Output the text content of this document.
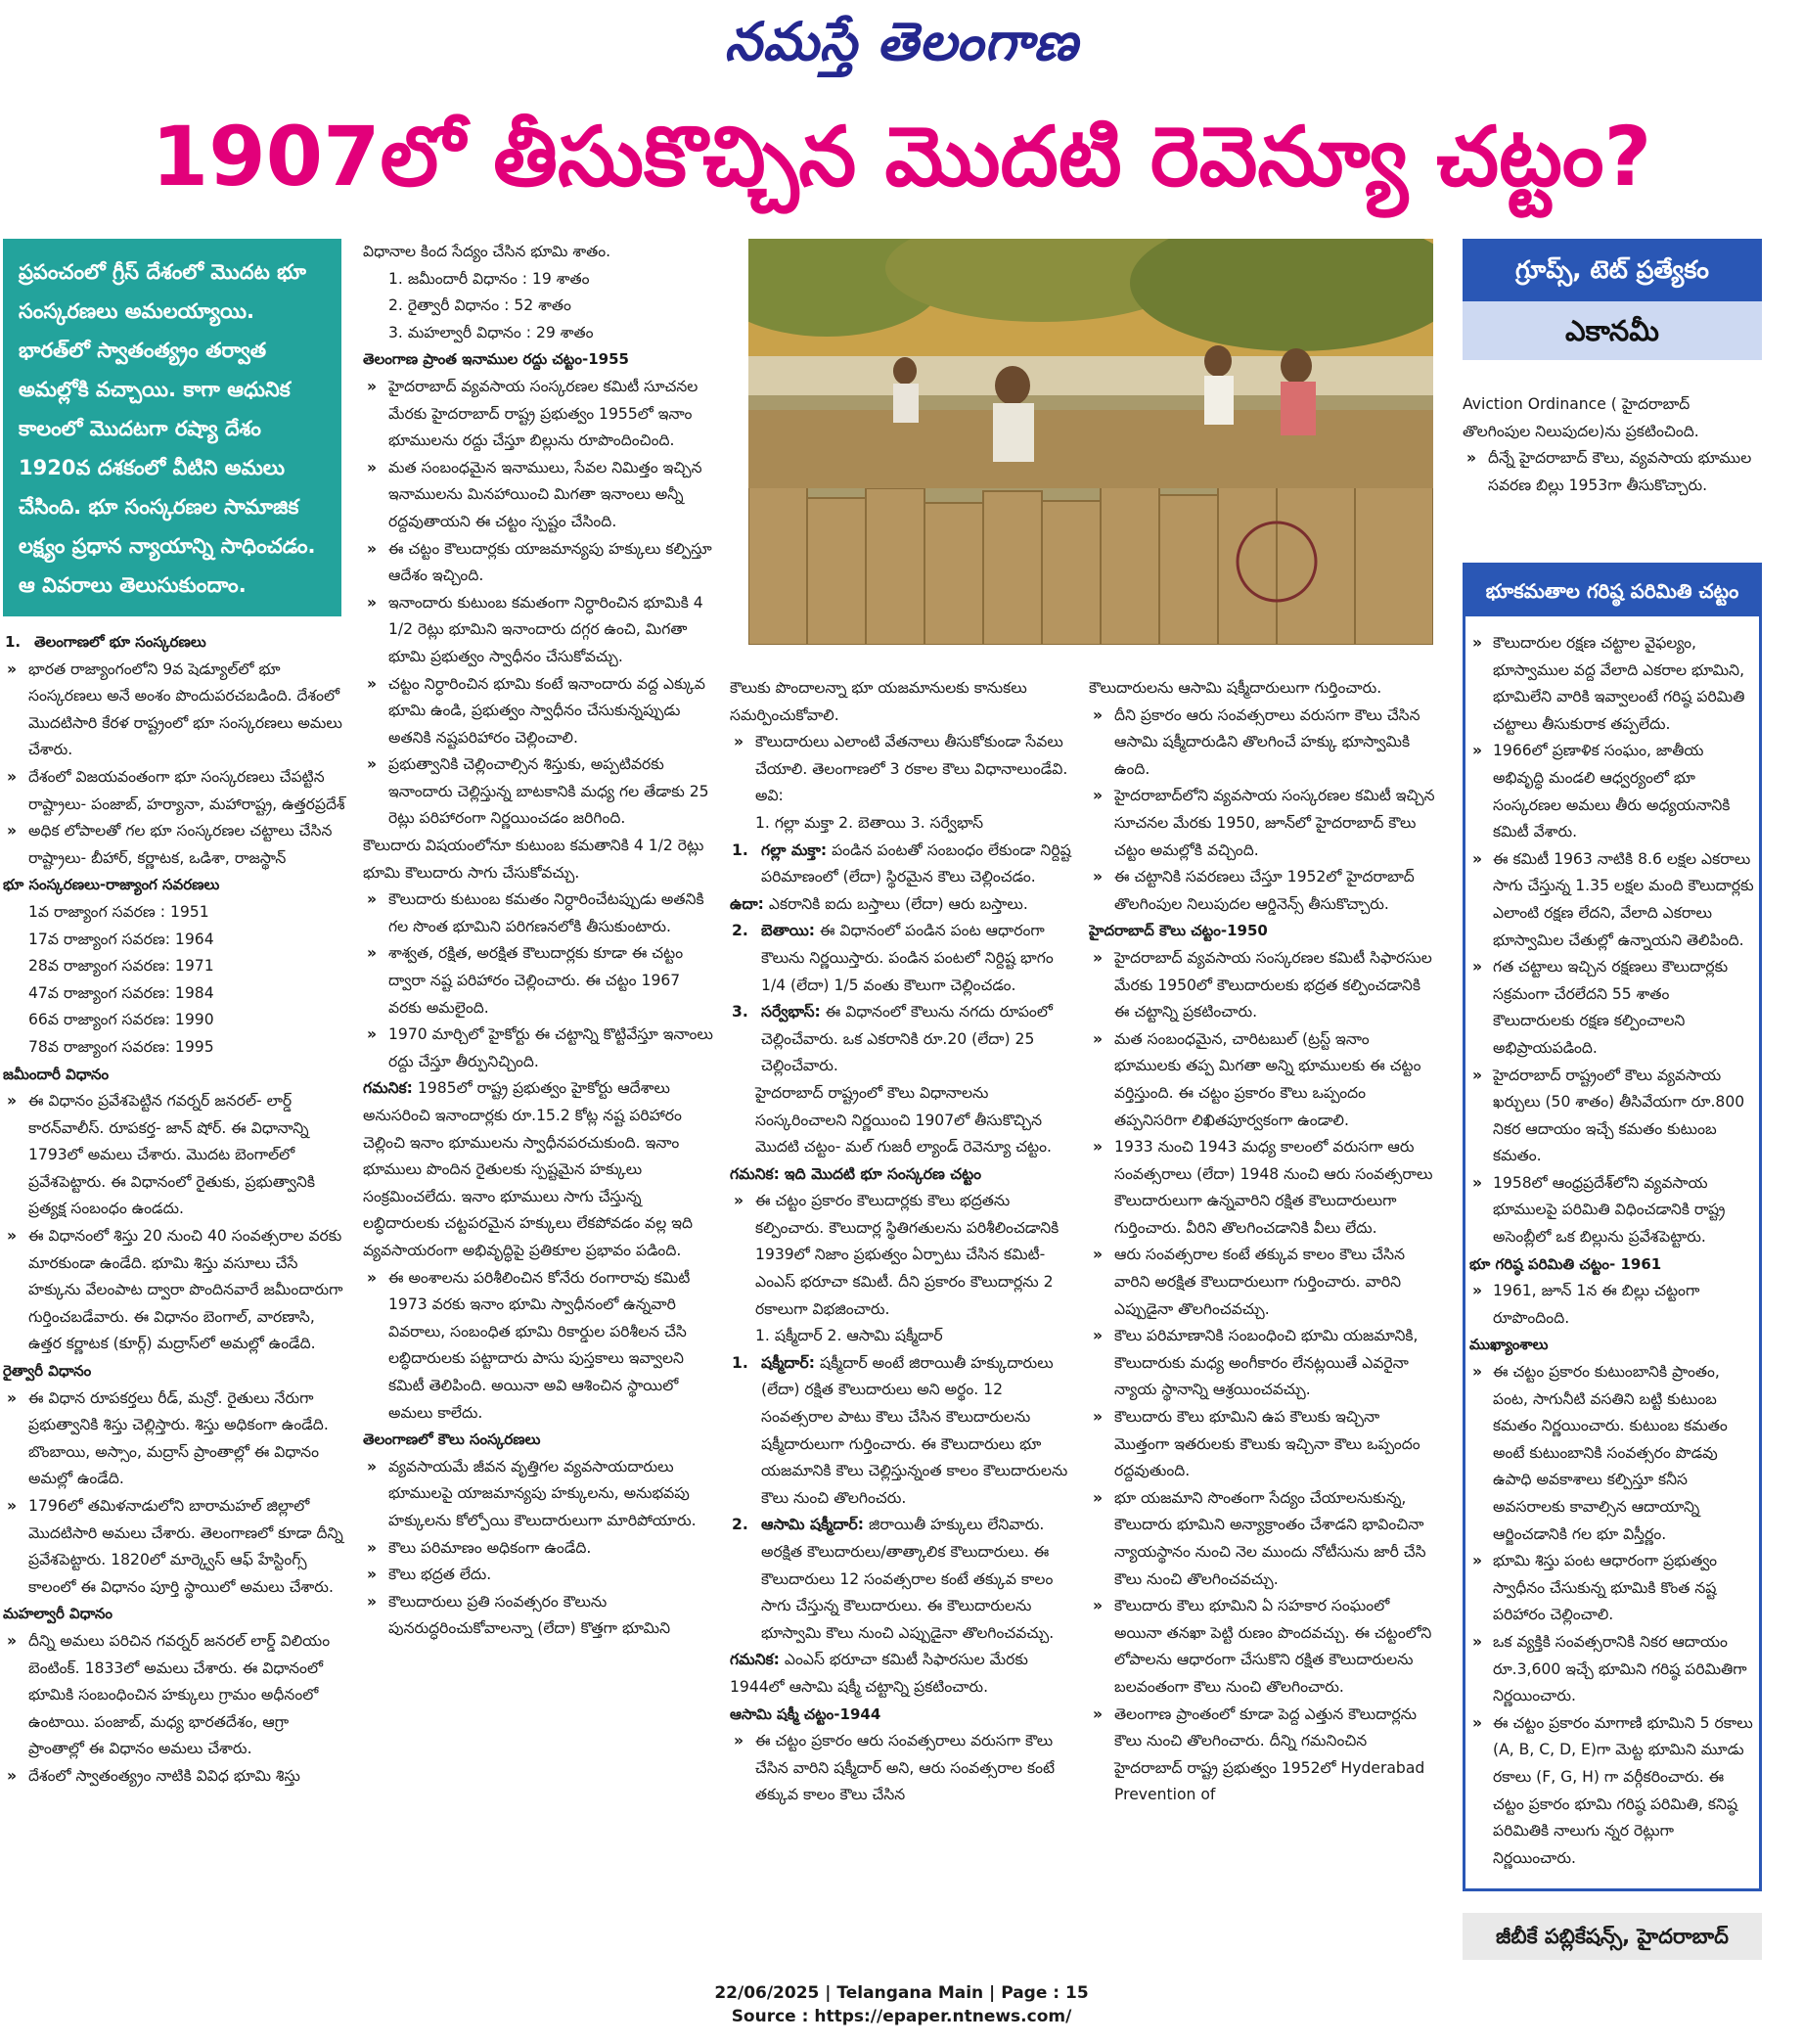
నమస్తే తెలంగాణ
1907లో తీసుకొచ్చిన మొదటి రెవెన్యూ చట్టం?
ప్రపంచంలో గ్రీస్ దేశంలో మొదట భూ సంస్కరణలు అమలయ్యాయి. భారత్‌లో స్వాతంత్య్రం తర్వాత అమల్లోకి వచ్చాయి. కాగా ఆధునిక కాలంలో మొదటగా రష్యా దేశం 1920వ దశకంలో వీటిని అమలు చేసింది. భూ సంస్కరణల సామాజిక లక్ష్యం ప్రధాన న్యాయాన్ని సాధించడం. ఆ వివరాలు తెలుసుకుందాం.

1. తెలంగాణలో భూ సంస్కరణలు

» భారత రాజ్యాంగంలోని 9వ షెడ్యూల్‌లో భూ సంస్కరణలు అనే అంశం పొందుపరచబడింది. దేశంలో మొదటిసారి కేరళ రాష్ట్రంలో భూ సంస్కరణలు అమలు చేశారు.

» దేశంలో విజయవంతంగా భూ సంస్కరణలు చేపట్టిన రాష్ట్రాలు- పంజాబ్, హర్యానా, మహారాష్ట్ర, ఉత్తరప్రదేశ్

» అధిక లోపాలతో గల భూ సంస్కరణల చట్టాలు చేసిన రాష్ట్రాలు- బీహార్, కర్ణాటక, ఒడిశా, రాజస్థాన్

భూ సంస్కరణలు-రాజ్యాంగ సవరణలు

1వ రాజ్యాంగ సవరణ : 1951

17వ రాజ్యాంగ సవరణ: 1964

28వ రాజ్యాంగ సవరణ: 1971

47వ రాజ్యాంగ సవరణ: 1984

66వ రాజ్యాంగ సవరణ: 1990

78వ రాజ్యాంగ సవరణ: 1995

జమీందారీ విధానం

» ఈ విధానం ప్రవేశపెట్టిన గవర్నర్ జనరల్- లార్డ్ కారన్‌వాలీస్. రూపకర్త- జాన్ షోర్. ఈ విధానాన్ని 1793లో అమలు చేశారు. మొదట బెంగాల్‌లో ప్రవేశపెట్టారు. ఈ విధానంలో రైతుకు, ప్రభుత్వానికి ప్రత్యక్ష సంబంధం ఉండదు.

» ఈ విధానంలో శిస్తు 20 నుంచి 40 సంవత్సరాల వరకు మారకుండా ఉండేది. భూమి శిస్తు వసూలు చేసే హక్కును వేలంపాట ద్వారా పొందినవారే జమీందారుగా గుర్తించబడేవారు. ఈ విధానం బెంగాల్, వారణాసి, ఉత్తర కర్ణాటక (కూర్గ్) మద్రాస్‌లో అమల్లో ఉండేది.

రైత్వారీ విధానం

» ఈ విధాన రూపకర్తలు రీడ్, మన్రో. రైతులు నేరుగా ప్రభుత్వానికి శిస్తు చెల్లిస్తారు. శిస్తు అధికంగా ఉండేది. బొంబాయి, అస్సాం, మద్రాస్ ప్రాంతాల్లో ఈ విధానం అమల్లో ఉండేది.

» 1796లో తమిళనాడులోని బారామహల్ జిల్లాలో మొదటిసారి అమలు చేశారు. తెలంగాణలో కూడా దీన్ని ప్రవేశపెట్టారు. 1820లో మార్క్వెస్ ఆఫ్ హేస్టింగ్స్ కాలంలో ఈ విధానం పూర్తి స్థాయిలో అమలు చేశారు.

మహల్వారీ విధానం

» దీన్ని అమలు పరిచిన గవర్నర్ జనరల్ లార్డ్ విలియం బెంటింక్. 1833లో అమలు చేశారు. ఈ విధానంలో భూమికి సంబంధించిన హక్కులు గ్రామం అధీనంలో ఉంటాయి. పంజాబ్, మధ్య భారతదేశం, ఆగ్రా ప్రాంతాల్లో ఈ విధానం అమలు చేశారు.

» దేశంలో స్వాతంత్య్రం నాటికి వివిధ భూమి శిస్తు

విధానాల కింద సేద్యం చేసిన భూమి శాతం.

1. జమీందారీ విధానం : 19 శాతం

2. రైత్వారీ విధానం : 52 శాతం

3. మహల్వారీ విధానం : 29 శాతం

తెలంగాణ ప్రాంత ఇనాముల రద్దు చట్టం-1955

» హైదరాబాద్ వ్యవసాయ సంస్కరణల కమిటీ సూచనల మేరకు హైదరాబాద్ రాష్ట్ర ప్రభుత్వం 1955లో ఇనాం భూములను రద్దు చేస్తూ బిల్లును రూపొందించింది.

» మత సంబంధమైన ఇనాములు, సేవల నిమిత్తం ఇచ్చిన ఇనాములను మినహాయించి మిగతా ఇనాంలు అన్నీ రద్దవుతాయని ఈ చట్టం స్పష్టం చేసింది.

» ఈ చట్టం కౌలుదార్లకు యాజమాన్యపు హక్కులు కల్పిస్తూ ఆదేశం ఇచ్చింది.

» ఇనాందారు కుటుంబ కమతంగా నిర్ధారించిన భూమికి 4 1/2 రెట్లు భూమిని ఇనాందారు దగ్గర ఉంచి, మిగతా భూమి ప్రభుత్వం స్వాధీనం చేసుకోవచ్చు.

» చట్టం నిర్ధారించిన భూమి కంటే ఇనాందారు వద్ద ఎక్కువ భూమి ఉండి, ప్రభుత్వం స్వాధీనం చేసుకున్నప్పుడు అతనికి నష్టపరిహారం చెల్లించాలి.

» ప్రభుత్వానికి చెల్లించాల్సిన శిస్తుకు, అప్పటివరకు ఇనాందారు చెల్లిస్తున్న బాటకానికి మధ్య గల తేడాకు 25 రెట్లు పరిహారంగా నిర్ణయించడం జరిగింది.

కౌలుదారు విషయంలోనూ కుటుంబ కమతానికి 4 1/2 రెట్లు భూమి కౌలుదారు సాగు చేసుకోవచ్చు.

» కౌలుదారు కుటుంబ కమతం నిర్ధారించేటప్పుడు అతనికి గల సొంత భూమిని పరిగణనలోకి తీసుకుంటారు.

» శాశ్వత, రక్షిత, అరక్షిత కౌలుదార్లకు కూడా ఈ చట్టం ద్వారా నష్ట పరిహారం చెల్లించారు. ఈ చట్టం 1967 వరకు అమలైంది.

» 1970 మార్చిలో హైకోర్టు ఈ చట్టాన్ని కొట్టివేస్తూ ఇనాంలు రద్దు చేస్తూ తీర్పునిచ్చింది.

గమనిక: 1985లో రాష్ట్ర ప్రభుత్వం హైకోర్టు ఆదేశాలు అనుసరించి ఇనాందార్లకు రూ.15.2 కోట్ల నష్ట పరిహారం చెల్లించి ఇనాం భూములను స్వాధీనపరచుకుంది. ఇనాం భూములు పొందిన రైతులకు స్పష్టమైన హక్కులు సంక్రమించలేదు. ఇనాం భూములు సాగు చేస్తున్న లబ్ధిదారులకు చట్టపరమైన హక్కులు లేకపోవడం వల్ల ఇది వ్యవసాయరంగా అభివృద్ధిపై ప్రతికూల ప్రభావం పడింది.

» ఈ అంశాలను పరిశీలించిన కోనేరు రంగారావు కమిటీ 1973 వరకు ఇనాం భూమి స్వాధీనంలో ఉన్నవారి వివరాలు, సంబంధిత భూమి రికార్డుల పరిశీలన చేసి లబ్ధిదారులకు పట్టాదారు పాసు పుస్తకాలు ఇవ్వాలని కమిటీ తెలిపింది. అయినా అవి ఆశించిన స్థాయిలో అమలు కాలేదు.

తెలంగాణలో కౌలు సంస్కరణలు

» వ్యవసాయమే జీవన వృత్తిగల వ్యవసాయదారులు భూములపై యాజమాన్యపు హక్కులను, అనుభవపు హక్కులను కోల్పోయి కౌలుదారులుగా మారిపోయారు.

» కౌలు పరిమాణం అధికంగా ఉండేది.

» కౌలు భద్రత లేదు.

» కౌలుదారులు ప్రతి సంవత్సరం కౌలును పునరుద్ధరించుకోవాలన్నా (లేదా) కొత్తగా భూమిని

కౌలుకు పొందాలన్నా భూ యజమానులకు కానుకలు సమర్పించుకోవాలి.

» కౌలుదారులు ఎలాంటి వేతనాలు తీసుకోకుండా సేవలు చేయాలి. తెలంగాణలో 3 రకాల కౌలు విధానాలుండేవి. అవి:

1. గల్లా మక్తా 2. బెతాయి 3. సర్వేభాస్

1. గల్లా మక్తా: పండిన పంటతో సంబంధం లేకుండా నిర్దిష్ట పరిమాణంలో (లేదా) స్థిరమైన కౌలు చెల్లించడం.

ఉదా: ఎకరానికి ఐదు బస్తాలు (లేదా) ఆరు బస్తాలు.

2. బెతాయి: ఈ విధానంలో పండిన పంట ఆధారంగా కౌలును నిర్ణయిస్తారు. పండిన పంటలో నిర్దిష్ట భాగం 1/4 (లేదా) 1/5 వంతు కౌలుగా చెల్లించడం.

3. సర్వేభాస్: ఈ విధానంలో కౌలును నగదు రూపంలో చెల్లించేవారు. ఒక ఎకరానికి రూ.20 (లేదా) 25 చెల్లించేవారు.

హైదరాబాద్ రాష్ట్రంలో కౌలు విధానాలను సంస్కరించాలని నిర్ణయించి 1907లో తీసుకొచ్చిన మొదటి చట్టం- మల్ గుజరీ ల్యాండ్ రెవెన్యూ చట్టం.

గమనిక: ఇది మొదటి భూ సంస్కరణ చట్టం

» ఈ చట్టం ప్రకారం కౌలుదార్లకు కౌలు భద్రతను కల్పించారు. కౌలుదార్ల స్థితిగతులను పరిశీలించడానికి 1939లో నిజాం ప్రభుత్వం ఏర్పాటు చేసిన కమిటీ- ఎంఎస్ భరూచా కమిటీ. దీని ప్రకారం కౌలుదార్లను 2 రకాలుగా విభజించారు.

1. షక్మీదార్ 2. ఆసామి షక్మీదార్

1. షక్మీదార్: షక్మీదార్ అంటే జిరాయితీ హక్కుదారులు (లేదా) రక్షిత కౌలుదారులు అని అర్థం. 12 సంవత్సరాల పాటు కౌలు చేసిన కౌలుదారులను షక్మీదారులుగా గుర్తించారు. ఈ కౌలుదారులు భూ యజమానికి కౌలు చెల్లిస్తున్నంత కాలం కౌలుదారులను కౌలు నుంచి తొలగించరు.

2. ఆసామి షక్మీదార్: జిరాయితీ హక్కులు లేనివారు. అరక్షిత కౌలుదారులు/తాత్కాలిక కౌలుదారులు. ఈ కౌలుదారులు 12 సంవత్సరాల కంటే తక్కువ కాలం సాగు చేస్తున్న కౌలుదారులు. ఈ కౌలుదారులను భూస్వామి కౌలు నుంచి ఎప్పుడైనా తొలగించవచ్చు.

గమనిక: ఎంఎస్ భరూచా కమిటీ సిఫారసుల మేరకు 1944లో ఆసామి షక్మీ చట్టాన్ని ప్రకటించారు.

ఆసామి షక్మీ చట్టం-1944

» ఈ చట్టం ప్రకారం ఆరు సంవత్సరాలు వరుసగా కౌలు చేసిన వారిని షక్మీదార్ అని, ఆరు సంవత్సరాల కంటే తక్కువ కాలం కౌలు చేసిన

కౌలుదారులను ఆసామి షక్మీదారులుగా గుర్తించారు.

» దీని ప్రకారం ఆరు సంవత్సరాలు వరుసగా కౌలు చేసిన ఆసామి షక్మీదారుడిని తొలగించే హక్కు భూస్వామికి ఉంది.

» హైదరాబాద్‌లోని వ్యవసాయ సంస్కరణల కమిటీ ఇచ్చిన సూచనల మేరకు 1950, జూన్‌లో హైదరాబాద్ కౌలు చట్టం అమల్లోకి వచ్చింది.

» ఈ చట్టానికి సవరణలు చేస్తూ 1952లో హైదరాబాద్ తొలగింపుల నిలుపుదల ఆర్డినెన్స్ తీసుకొచ్చారు.

హైదరాబాద్ కౌలు చట్టం-1950

» హైదరాబాద్ వ్యవసాయ సంస్కరణల కమిటీ సిఫారసుల మేరకు 1950లో కౌలుదారులకు భద్రత కల్పించడానికి ఈ చట్టాన్ని ప్రకటించారు.

» మత సంబంధమైన, చారిటబుల్ (ట్రస్ట్ ఇనాం భూములకు తప్ప మిగతా అన్ని భూములకు ఈ చట్టం వర్తిస్తుంది. ఈ చట్టం ప్రకారం కౌలు ఒప్పందం తప్పనిసరిగా లిఖితపూర్వకంగా ఉండాలి.

» 1933 నుంచి 1943 మధ్య కాలంలో వరుసగా ఆరు సంవత్సరాలు (లేదా) 1948 నుంచి ఆరు సంవత్సరాలు కౌలుదారులుగా ఉన్నవారిని రక్షిత కౌలుదారులుగా గుర్తించారు. వీరిని తొలగించడానికి వీలు లేదు.

» ఆరు సంవత్సరాల కంటే తక్కువ కాలం కౌలు చేసిన వారిని అరక్షిత కౌలుదారులుగా గుర్తించారు. వారిని ఎప్పుడైనా తొలగించవచ్చు.

» కౌలు పరిమాణానికి సంబంధించి భూమి యజమానికి, కౌలుదారుకు మధ్య అంగీకారం లేనట్లయితే ఎవరైనా న్యాయ స్థానాన్ని ఆశ్రయించవచ్చు.

» కౌలుదారు కౌలు భూమిని ఉప కౌలుకు ఇచ్చినా మొత్తంగా ఇతరులకు కౌలుకు ఇచ్చినా కౌలు ఒప్పందం రద్దవుతుంది.

» భూ యజమాని సొంతంగా సేద్యం చేయాలనుకున్న, కౌలుదారు భూమిని అన్యాక్రాంతం చేశాడని భావించినా న్యాయస్థానం నుంచి నెల ముందు నోటీసును జారీ చేసి కౌలు నుంచి తొలగించవచ్చు.

» కౌలుదారు కౌలు భూమిని ఏ సహకార సంఘంలో అయినా తనఖా పెట్టి రుణం పొందవచ్చు. ఈ చట్టంలోని లోపాలను ఆధారంగా చేసుకొని రక్షిత కౌలుదారులను బలవంతంగా కౌలు నుంచి తొలగించారు.

» తెలంగాణ ప్రాంతంలో కూడా పెద్ద ఎత్తున కౌలుదార్లను కౌలు నుంచి తొలగించారు. దీన్ని గమనించిన హైదరాబాద్ రాష్ట్ర ప్రభుత్వం 1952లో Hyderabad Prevention of

గ్రూప్స్, టెట్ ప్రత్యేకం
ఎకానమీ

Aviction Ordinance ( హైదరాబాద్ తొలగింపుల నిలుపుదల)ను ప్రకటించింది.

» దీన్నే హైదరాబాద్ కౌలు, వ్యవసాయ భూముల సవరణ బిల్లు 1953గా తీసుకొచ్చారు.

భూకమతాల గరిష్ఠ పరిమితి చట్టం

» కౌలుదారుల రక్షణ చట్టాల వైఫల్యం, భూస్వాముల వద్ద వేలాది ఎకరాల భూమిని, భూమిలేని వారికి ఇవ్వాలంటే గరిష్ఠ పరిమితి చట్టాలు తీసుకురాక తప్పలేదు.

» 1966లో ప్రణాళిక సంఘం, జాతీయ అభివృద్ధి మండలి ఆధ్వర్యంలో భూ సంస్కరణల అమలు తీరు అధ్యయనానికి కమిటీ వేశారు.

» ఈ కమిటీ 1963 నాటికి 8.6 లక్షల ఎకరాలు సాగు చేస్తున్న 1.35 లక్షల మంది కౌలుదార్లకు ఎలాంటి రక్షణ లేదని, వేలాది ఎకరాలు భూస్వామిల చేతుల్లో ఉన్నాయని తెలిపింది.

» గత చట్టాలు ఇచ్చిన రక్షణలు కౌలుదార్లకు సక్రమంగా చేరలేదని 55 శాతం కౌలుదారులకు రక్షణ కల్పించాలని అభిప్రాయపడింది.

» హైదరాబాద్ రాష్ట్రంలో కౌలు వ్యవసాయ ఖర్చులు (50 శాతం) తీసివేయగా రూ.800 నికర ఆదాయం ఇచ్చే కమతం కుటుంబ కమతం.

» 1958లో ఆంధ్రప్రదేశ్‌లోని వ్యవసాయ భూములపై పరిమితి విధించడానికి రాష్ట్ర అసెంబ్లీలో ఒక బిల్లును ప్రవేశపెట్టారు.

భూ గరిష్ఠ పరిమితి చట్టం- 1961

» 1961, జూన్ 1న ఈ బిల్లు చట్టంగా రూపొందింది.

ముఖ్యాంశాలు

» ఈ చట్టం ప్రకారం కుటుంబానికి ప్రాంతం, పంట, సాగునీటి వసతిని బట్టి కుటుంబ కమతం నిర్ణయించారు. కుటుంబ కమతం అంటే కుటుంబానికి సంవత్సరం పొడవు ఉపాధి అవకాశాలు కల్పిస్తూ కనీస అవసరాలకు కావాల్సిన ఆదాయాన్ని ఆర్జించడానికి గల భూ విస్తీర్ణం.

» భూమి శిస్తు పంట ఆధారంగా ప్రభుత్వం స్వాధీనం చేసుకున్న భూమికి కొంత నష్ట పరిహారం చెల్లించాలి.

» ఒక వ్యక్తికి సంవత్సరానికి నికర ఆదాయం రూ.3,600 ఇచ్చే భూమిని గరిష్ఠ పరిమితిగా నిర్ణయించారు.

» ఈ చట్టం ప్రకారం మాగాణి భూమిని 5 రకాలు (A, B, C, D, E)గా మెట్ట భూమిని మూడు రకాలు (F, G, H) గా వర్గీకరించారు. ఈ చట్టం ప్రకారం భూమి గరిష్ఠ పరిమితి, కనిష్ఠ పరిమితికి నాలుగు న్నర రెట్లుగా నిర్ణయించారు.

జీబీకే పబ్లికేషన్స్, హైదరాబాద్
22/06/2025 | Telangana Main | Page : 15
Source : https://epaper.ntnews.com/
